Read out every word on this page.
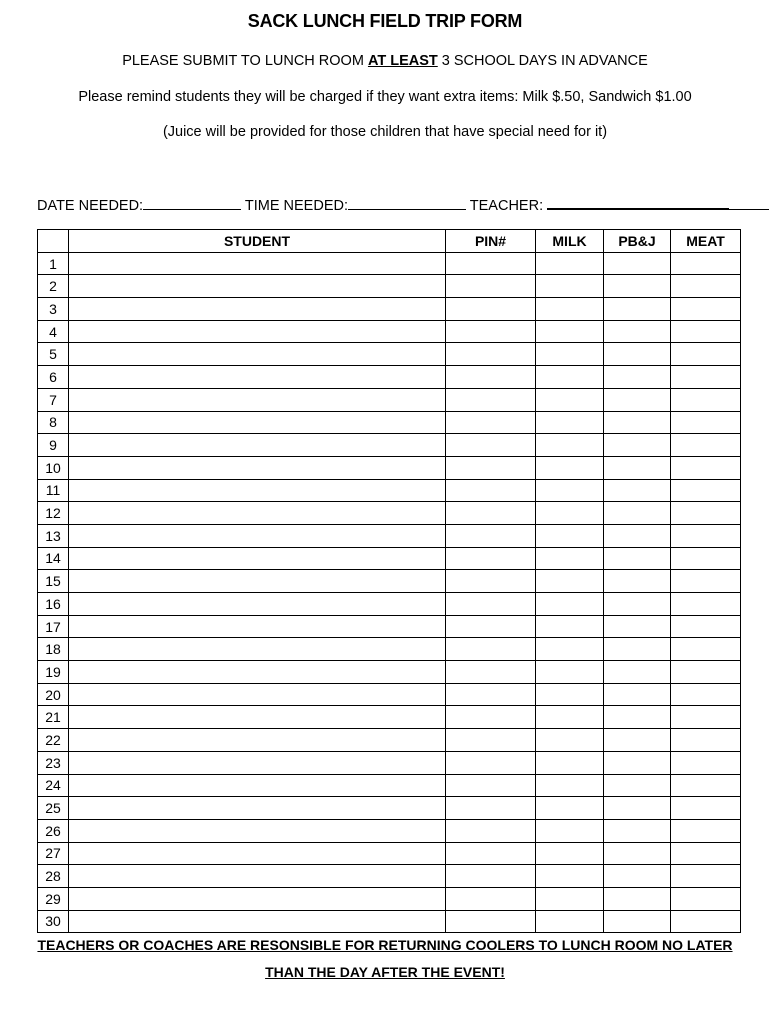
SACK LUNCH FIELD TRIP FORM
PLEASE SUBMIT TO LUNCH ROOM AT LEAST 3 SCHOOL DAYS IN ADVANCE
Please remind students they will be charged if they want extra items: Milk $.50, Sandwich $1.00
(Juice will be provided for those children that have special need for it)
DATE NEEDED:	TIME NEEDED:	TEACHER:
	STUDENT	PIN#	MILK	PB&J	MEAT
1					
2					
3					
4					
5					
6					
7					
8					
9					
10					
11					
12					
13					
14					
15					
16					
17					
18					
19					
20					
21					
22					
23					
24					
25					
26					
27					
28					
29					
30					
TEACHERS OR COACHES ARE RESONSIBLE FOR RETURNING COOLERS TO LUNCH ROOM NO LATER
THAN THE DAY AFTER THE EVENT!
